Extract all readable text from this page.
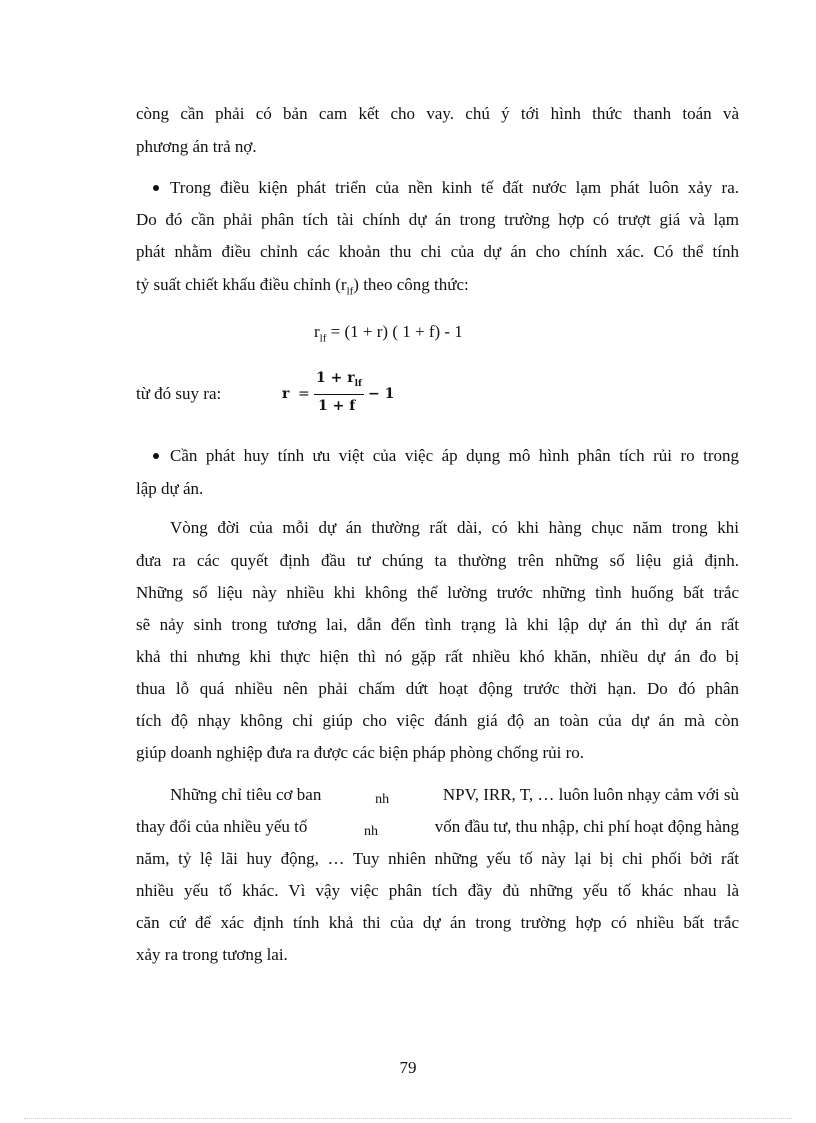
còng cần phải có bản cam kết cho vay. chú ý tới hình thức thanh toán và
phương án trả nợ.
Trong điều kiện phát triển của nền kinh tế đất nước lạm phát luôn xảy ra.
Do đó cần phải phân tích tài chính dự án trong trường hợp có trượt giá và lạm
phát nhằm điều chỉnh các khoản thu chi của dự án cho chính xác. Có thể tính
tỷ suất chiết khấu điều chỉnh $(r_{lf})$ theo công thức:
$r_{lf} = (1 + r)$ ( 1 + f) - 1
từ đó suy ra:	r =
$1 + r_{lf}$
1 + f
− 1
Cần phát huy tính ưu việt của việc áp dụng mô hình phân tích rủi ro trong
lập dự án.
Vòng đời của mỗi dự án thường rất dài, có khi hàng chục năm trong khi
đưa ra các quyết định đầu tư chúng ta thường trên những số liệu giả định.
Những số liệu này nhiều khi không thể lường trước những tình huống bất trắc
sẽ nảy sinh trong tương lai, dẫn đến tình trạng là khi lập dự án thì dự án rất
khả thi nhưng khi thực hiện thì nó gặp rất nhiều khó khăn, nhiều dự án đo bị
thua lỗ quá nhiều nên phải chấm dứt hoạt động trước thời hạn. Do đó phân
tích độ nhạy không chỉ giúp cho việc đánh giá độ an toàn của dự án mà còn
giúp doanh nghiệp đưa ra được các biện pháp phòng chống rủi ro.
Những chỉ tiêu cơ ban	nh	NPV, IRR, T, … luôn luôn nhạy cảm với sù
thay đổi của nhiều yếu tố	nh	vốn đầu tư, thu nhập, chi phí hoạt động hàng
năm, tỷ lệ lãi huy động, … Tuy nhiên những yếu tố này lại bị chi phối bởi rất
nhiều yếu tố khác. Vì vậy việc phân tích đầy đủ những yếu tố khác nhau là
căn cứ để xác định tính khả thi của dự án trong trường hợp có nhiều bất trắc
xảy ra trong tương lai.
79
